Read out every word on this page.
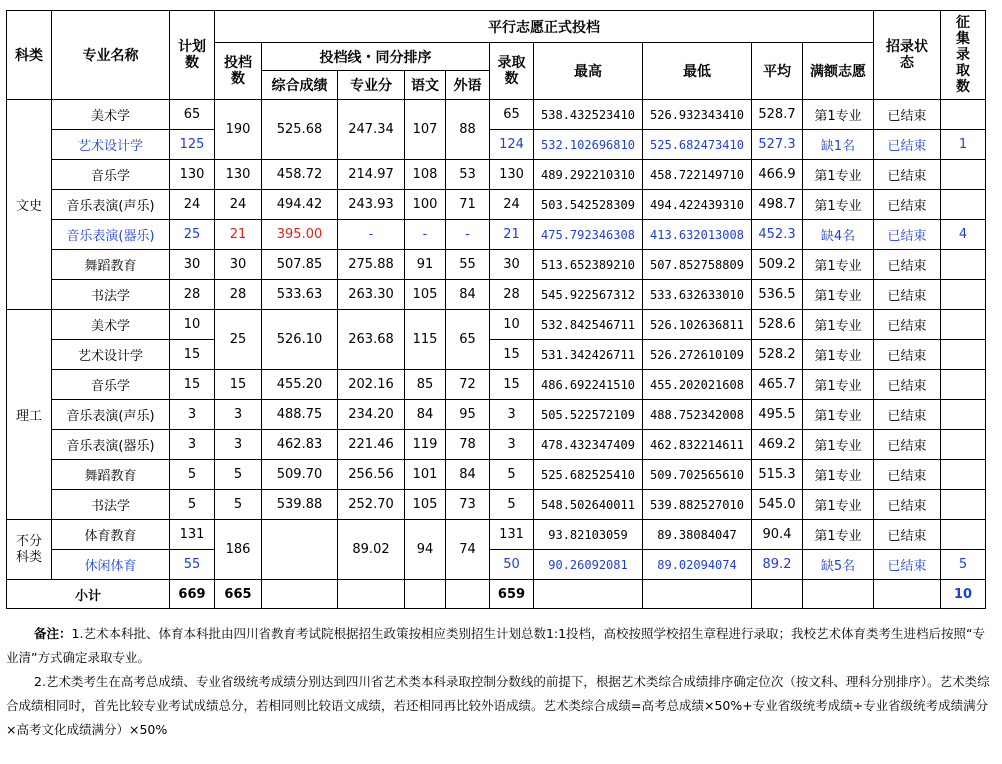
科类	专业名称	计划数	平行志愿正式投档										招录状态	征集录取数
			投档数	投档线・同分排序				录取数	最高	最低	平均	满额志愿		
				综合成绩	专业分	语文	外语							
文史	美术学	65	190	525.68	247.34	107	88	65	538.432523410	526.932343410	528.7	第1专业	已结束	
	艺术设计学	125						124	532.102696810	525.682473410	527.3	缺1名	已结束	1
	音乐学	130	130	458.72	214.97	108	53	130	489.292210310	458.722149710	466.9	第1专业	已结束	
	音乐表演(声乐)	24	24	494.42	243.93	100	71	24	503.542528309	494.422439310	498.7	第1专业	已结束	
	音乐表演(器乐)	25	21	395.00	-	-	-	21	475.792346308	413.632013008	452.3	缺4名	已结束	4
	舞蹈教育	30	30	507.85	275.88	91	55	30	513.652389210	507.852758809	509.2	第1专业	已结束	
	书法学	28	28	533.63	263.30	105	84	28	545.922567312	533.632633010	536.5	第1专业	已结束	
理工	美术学	10	25	526.10	263.68	115	65	10	532.842546711	526.102636811	528.6	第1专业	已结束	
	艺术设计学	15						15	531.342426711	526.272610109	528.2	第1专业	已结束	
	音乐学	15	15	455.20	202.16	85	72	15	486.692241510	455.202021608	465.7	第1专业	已结束	
	音乐表演(声乐)	3	3	488.75	234.20	84	95	3	505.522572109	488.752342008	495.5	第1专业	已结束	
	音乐表演(器乐)	3	3	462.83	221.46	119	78	3	478.432347409	462.832214611	469.2	第1专业	已结束	
	舞蹈教育	5	5	509.70	256.56	101	84	5	525.682525410	509.702565610	515.3	第1专业	已结束	
	书法学	5	5	539.88	252.70	105	73	5	548.502640011	539.882527010	545.0	第1专业	已结束	
不分科类	体育教育	131	186		89.02	94	74	131	93.82103059	89.38084047	90.4	第1专业	已结束	
	休闲体育	55						50	90.26092081	89.02094074	89.2	缺5名	已结束	5
小计		669	665					659						10

备注：1.艺术本科批、体育本科批由四川省教育考试院根据招生政策按相应类别招生计划总数1:1投档，高校按照学校招生章程进行录取；我校艺术体育类考生进档后按照“专业清”方式确定录取专业。

2.艺术类考生在高考总成绩、专业省级统考成绩分别达到四川省艺术类本科录取控制分数线的前提下，根据艺术类综合成绩排序确定位次（按文科、理科分别排序）。艺术类综合成绩相同时，首先比较专业考试成绩总分，若相同则比较语文成绩，若还相同再比较外语成绩。艺术类综合成绩=高考总成绩×50%+专业省级统考成绩÷专业省级统考成绩满分×高考文化成绩满分）×50%
